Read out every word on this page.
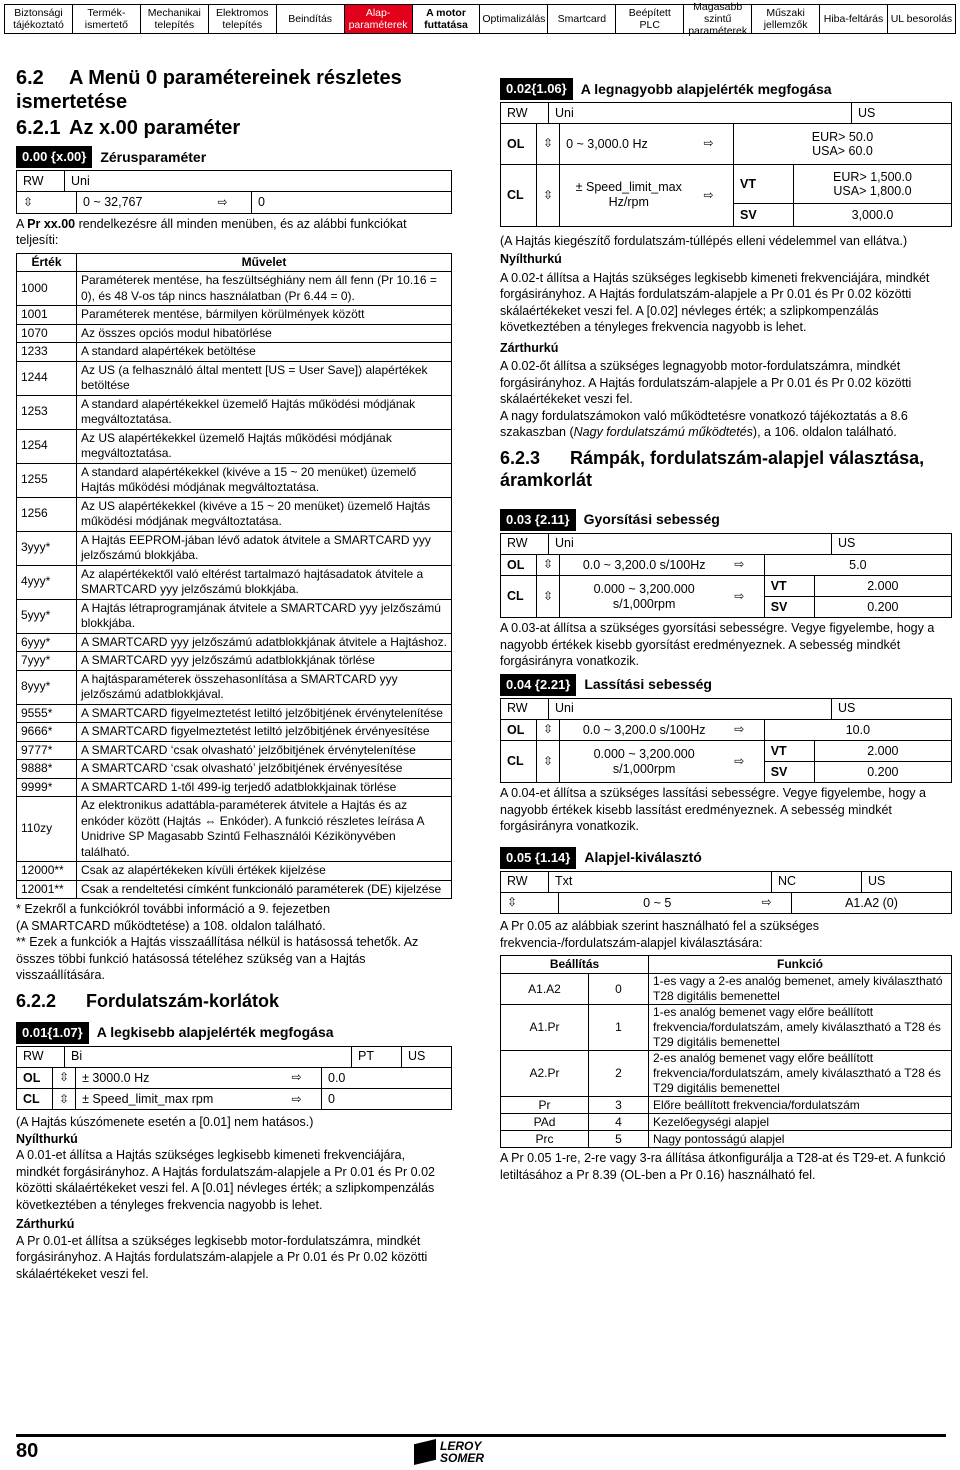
Biztonsági tájékoztató
Termék-ismertető
Mechanikai telepítés
Elektromos telepítés	Beindítás	Alap-paraméterek
A motor futtatása	Optimalizálás	Smartcard	Beépített PLC
Magasabb szintű paraméterek
Műszaki jellemzők	Hiba-feltárás UL besorolás
6.2 A Menü 0 paramétereinek részletes ismertetése
6.2.1 Az x.00 paraméter
0.00 {x.00}	Zérusparaméter
RW	Uni
⇳	0 ~ 32,767	⇨	0

A Pr xx.00 rendelkezésre áll minden menüben, és az alábbi funkciókat teljesíti:

Érték	Művelet
1000	Paraméterek mentése, ha feszültséghiány nem áll fenn (Pr 10.16 = 0), és 48 V-os táp nincs használatban (Pr 6.44 = 0).
1001	Paraméterek mentése, bármilyen körülmények között
1070	Az összes opciós modul hibatörlése
1233	A standard alapértékek betöltése
1244	Az US (a felhasználó által mentett [US = User Save]) alapértékek betöltése
1253	A standard alapértékekkel üzemelő Hajtás működési módjának megváltoztatása.
1254	Az US alapértékekkel üzemelő Hajtás működési módjának megváltoztatása.
1255	A standard alapértékekkel (kivéve a 15 ~ 20 menüket) üzemelő Hajtás működési módjának megváltoztatása.
1256	Az US alapértékekkel (kivéve a 15 ~ 20 menüket) üzemelő Hajtás működési módjának megváltoztatása.
3yyy*	A Hajtás EEPROM-jában lévő adatok átvitele a SMARTCARD yyy jelzőszámú blokkjába.
4yyy*	Az alapértékektől való eltérést tartalmazó hajtásadatok átvitele a SMARTCARD yyy jelzőszámú blokkjába.
5yyy*	A Hajtás létraprogramjának átvitele a SMARTCARD yyy jelzőszámú blokkjába.
6yyy*	A SMARTCARD yyy jelzőszámú adatblokkjának átvitele a Hajtáshoz.
7yyy*	A SMARTCARD yyy jelzőszámú adatblokkjának törlése
8yyy*	A hajtásparaméterek összehasonlítása a SMARTCARD yyy jelzőszámú adatblokkjával.
9555*	A SMARTCARD figyelmeztetést letiltó jelzőbitjének érvénytelenítése
9666*	A SMARTCARD figyelmeztetést letiltó jelzőbitjének érvényesítése
9777*	A SMARTCARD ‘csak olvasható’ jelzőbitjének érvénytelenítése
9888*	A SMARTCARD ‘csak olvasható’ jelzőbitjének érvényesítése
9999*	A SMARTCARD 1-től 499-ig terjedő adatblokkjainak törlése
110zy	Az elektronikus adattábla-paraméterek átvitele a Hajtás és az enkóder között (Hajtás ⇔ Enkóder). A funkció részletes leírása A Unidrive SP Magasabb Szintű Felhasználói Kézikönyvében található.
12000**	Csak az alapértékeken kívüli értékek kijelzése
12001**	Csak a rendeltetési címként funkcionáló paraméterek (DE) kijelzése

* Ezekről a funkciókról további információ a 9. fejezetben
(A SMARTCARD működtetése) a 108. oldalon található.

** Ezek a funkciók a Hajtás visszaállítása nélkül is hatásossá tehetők. Az összes többi funkció hatásossá tételéhez szükség van a Hajtás visszaállítására.

6.2.2 Fordulatszám-korlátok
0.01{1.07}	A legkisebb alapjelérték megfogása
RW	Bi	PT	US
OL	⇳	± 3000.0 Hz	⇨	0.0
CL	⇳	± Speed_limit_max rpm	⇨	0

(A Hajtás kúszómenete esetén a [0.01] nem hatásos.)

Nyílthurkú

A 0.01-et állítsa a Hajtás szükséges legkisebb kimeneti frekvenciájára, mindkét forgásirányhoz. A Hajtás fordulatszám-alapjele a Pr 0.01 és Pr 0.02 közötti skálaértékeket veszi fel. A [0.01] névleges érték; a szlipkompenzálás következtében a tényleges frekvencia nagyobb is lehet.

Zárthurkú

A Pr 0.01-et állítsa a szükséges legkisebb motor-fordulatszámra, mindkét forgásirányhoz. A Hajtás fordulatszám-alapjele a Pr 0.01 és Pr 0.02 közötti skálaértékeket veszi fel.

0.02{1.06}	A legnagyobb alapjelérték megfogása
RW	Uni	US
OL	⇳	0 ~ 3,000.0 Hz	⇨	EUR> 50.0
USA> 60.0	
CL	⇳	± Speed_limit_max
Hz/rpm	⇨	VT	EUR> 1,500.0
USA> 1,800.0
				SV	3,000.0

(A Hajtás kiegészítő fordulatszám-túllépés elleni védelemmel van ellátva.)

Nyílthurkú

A 0.02-t állítsa a Hajtás szükséges legkisebb kimeneti frekvenciájára, mindkét forgásirányhoz. A Hajtás fordulatszám-alapjele a Pr 0.01 és Pr 0.02 közötti skálaértékeket veszi fel. A [0.02] névleges érték; a szlipkompenzálás következtében a tényleges frekvencia nagyobb is lehet.

Zárthurkú

A 0.02-őt állítsa a szükséges legnagyobb motor-fordulatszámra, mindkét forgásirányhoz. A Hajtás fordulatszám-alapjele a Pr 0.01 és Pr 0.02 közötti skálaértékeket veszi fel.

A nagy fordulatszámokon való működtetésre vonatkozó tájékoztatás a 8.6 szakaszban (Nagy fordulatszámú működtetés), a 106. oldalon található.

6.2.3 Rámpák, fordulatszám-alapjel választása, áramkorlát
0.03 {2.11}	Gyorsítási sebesség
RW	Uni	US
OL	⇳	0.0 ~ 3,200.0 s/100Hz	⇨	5.0	
CL	⇳	0.000 ~ 3,200.000
s/1,000rpm	⇨	VT	2.000
				SV	0.200

A 0.03-at állítsa a szükséges gyorsítási sebességre. Vegye figyelembe, hogy a nagyobb értékek kisebb gyorsítást eredményeznek. A sebesség mindkét forgásirányra vonatkozik.

0.04 {2.21}	Lassítási sebesség
RW	Uni	US
OL	⇳	0.0 ~ 3,200.0 s/100Hz	⇨	10.0	
CL	⇳	0.000 ~ 3,200.000
s/1,000rpm	⇨	VT	2.000
				SV	0.200

A 0.04-et állítsa a szükséges lassítási sebességre. Vegye figyelembe, hogy a nagyobb értékek kisebb lassítást eredményeznek. A sebesség mindkét forgásirányra vonatkozik.

0.05 {1.14}	Alapjel-kiválasztó
RW	Txt	NC	US
⇳	0 ~ 5	⇨	A1.A2 (0)

A Pr 0.05 az alábbiak szerint használható fel a szükséges frekvencia-/fordulatszám-alapjel kiválasztására:

Beállítás		Funkció
A1.A2	0	1-es vagy a 2-es analóg bemenet, amely kiválasztható T28 digitális bemenettel
A1.Pr	1	1-es analóg bemenet vagy előre beállított frekvencia/fordulatszám, amely kiválasztható a T28 és T29 digitális bemenettel
A2.Pr	2	2-es analóg bemenet vagy előre beállított frekvencia/fordulatszám, amely kiválasztható a T28 és T29 digitális bemenettel
Pr	3	Előre beállított frekvencia/fordulatszám
PAd	4	Kezelőegységi alapjel
Prc	5	Nagy pontosságú alapjel

A Pr 0.05 1-re, 2-re vagy 3-ra állítása átkonfigurálja a T28-at és T29-et. A funkció letiltásához a Pr 8.39 (OL-ben a Pr 0.16) használható fel.

80	LEROY
SOMER
